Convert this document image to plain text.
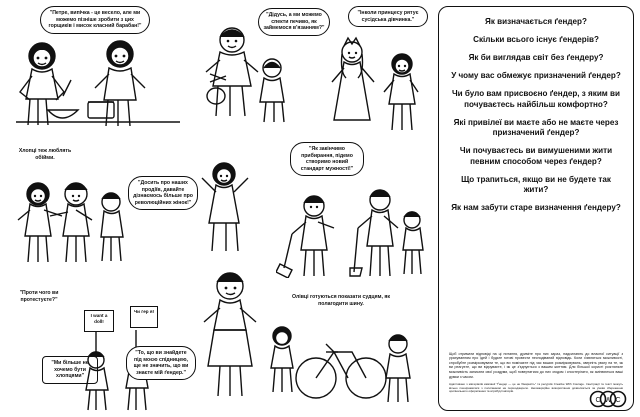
"Петре, випічка - це весело, але ми можемо пізніше зробити з цих горщиків і мисок класний барабан!"
"Дідусь, а ми можемо спекти печиво, як займемося в'язанням?"
"Інколи принцесу рятує сусідська дівчинка."
Хлопці теж люблять обійми.
"Досить про наших продіїв, давайте дізнаємось більше про революційних жінок!"
"Як закінчимо прибирання, підемо створимо новий стандарт мужності!"
"Проти чого ви протестуєте?"
I want a doll!
Чи гер я!
"Ми більше не хочемо бути хлопцями"
"То, що ви знайдете під моєю спідницею, ще не значить, що ви знаєте мій ґендер."
Олівці готуються показати судцям, як полагодити шину.
Як визначається ґендер?
Скільки всього існує ґендерів?
Як би виглядав світ без ґендеру?
У чому вас обмежує призначений ґендер?
Чи було вам присвоєно ґендер, з яким ви почуваєтесь найбільш комфортно?
Які привілеї ви маєте або не маєте через призначений ґендер?
Чи почуваєтесь ви вимушеними жити певним способом через ґендер?
Що трапиться, якщо ви не будете так жити?
Як нам забути старе визначення ґендеру?
Щоб отримати відповіді на ці питання, дуиміте про них зараз, надсилають до власної ситуації з урахуванням про їдей і будьте готові провести несподіваний відповідь. Коли з'являться можливості, спробуйте розмірковувати те, що ви помічаєте під час ваших розмірковувань, зверніть увагу на те, як ви реагуєте, що ви відчуваєте, і як це з'єднується з вашим життям. Для більшої користі розгляньте можливість записати свої роздуми, щоб повертатися до них згодом і спостерігати, як змінюються ваші думки з часом.
Адаптовано з матеріалів кампанії "Ґендер — це не бінарність" та ресурсів Creative With Courage. Ілюстрації та текст можуть вільно поширюватися з посиланням на першоджерело. Некомерційне використання дозволяється за умови збереження оригінального оформлення та атрибуції авторів.
C W C
